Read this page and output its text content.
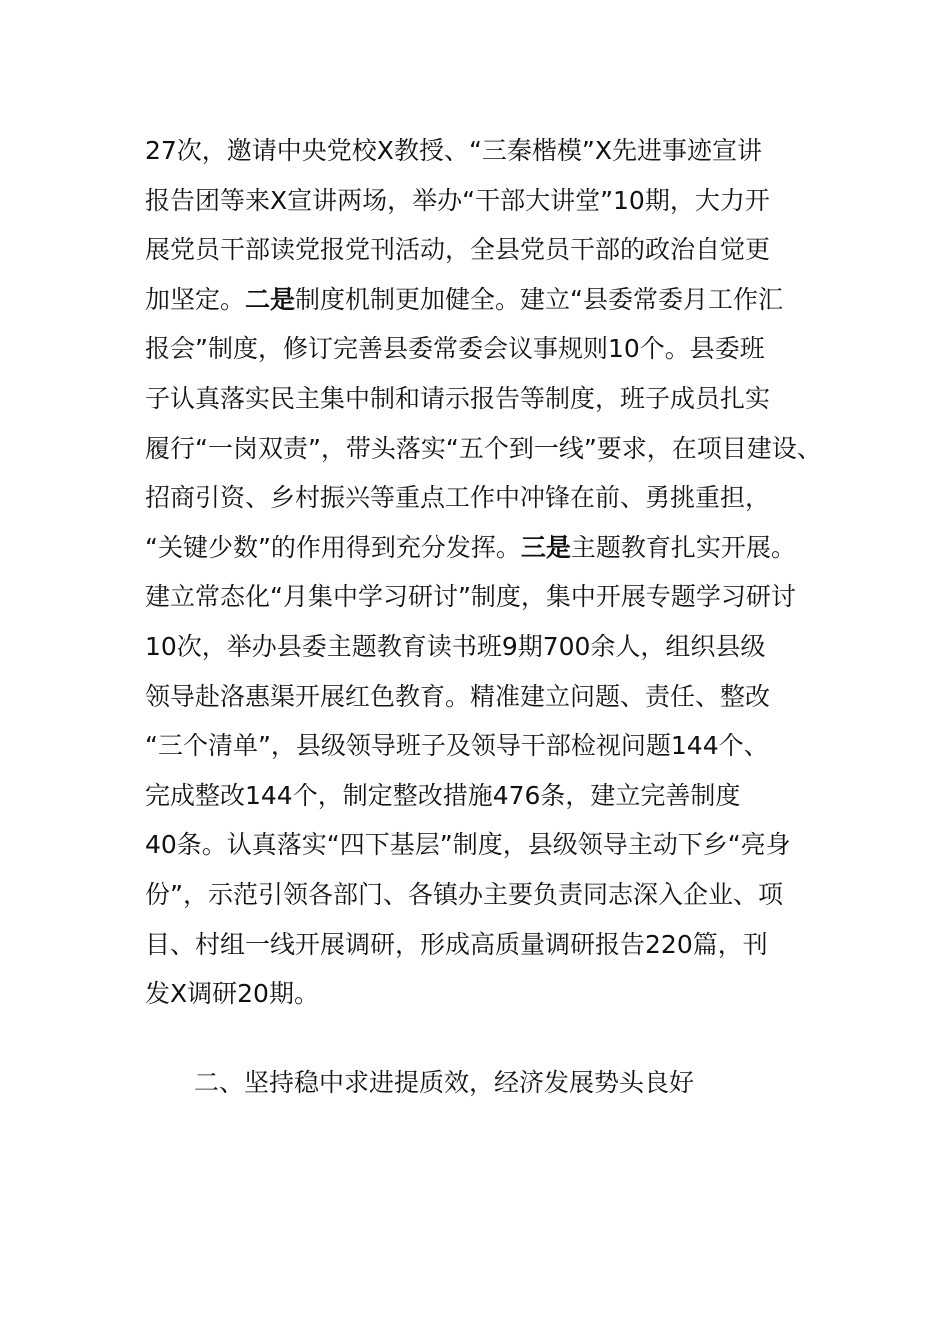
27次，邀请中央党校X教授、“三秦楷模”X先进事迹宣讲
报告团等来X宣讲两场，举办“干部大讲堂”10期，大力开
展党员干部读党报党刊活动，全县党员干部的政治自觉更
加坚定。二是制度机制更加健全。建立“县委常委月工作汇
报会”制度，修订完善县委常委会议事规则10个。县委班
子认真落实民主集中制和请示报告等制度，班子成员扎实
履行“一岗双责”，带头落实“五个到一线”要求，在项目建设、
招商引资、乡村振兴等重点工作中冲锋在前、勇挑重担，
“关键少数”的作用得到充分发挥。三是主题教育扎实开展。
建立常态化“月集中学习研讨”制度，集中开展专题学习研讨
10次，举办县委主题教育读书班9期700余人，组织县级
领导赴洛惠渠开展红色教育。精准建立问题、责任、整改
“三个清单”，县级领导班子及领导干部检视问题144个、
完成整改144个，制定整改措施476条，建立完善制度
40条。认真落实“四下基层”制度，县级领导主动下乡“亮身
份”，示范引领各部门、各镇办主要负责同志深入企业、项
目、村组一线开展调研，形成高质量调研报告220篇，刊
发X调研20期。
二、坚持稳中求进提质效，经济发展势头良好
